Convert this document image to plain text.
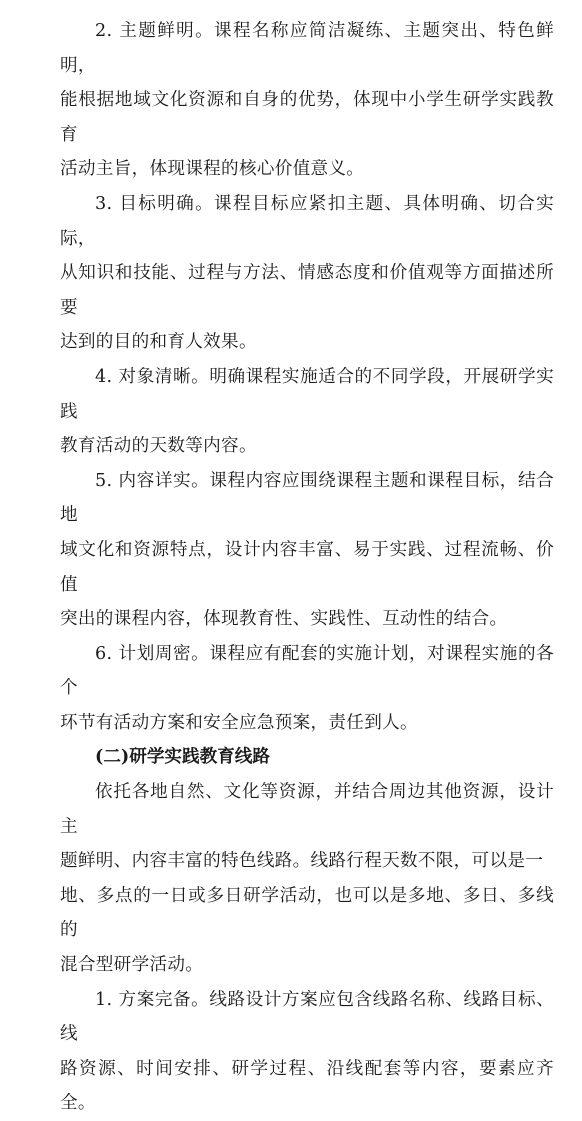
2. 主题鲜明。课程名称应简洁凝练、主题突出、特色鲜明，
能根据地域文化资源和自身的优势，体现中小学生研学实践教育
活动主旨，体现课程的核心价值意义。

3. 目标明确。课程目标应紧扣主题、具体明确、切合实际，
从知识和技能、过程与方法、情感态度和价值观等方面描述所要
达到的目的和育人效果。

4. 对象清晰。明确课程实施适合的不同学段，开展研学实践
教育活动的天数等内容。

5. 内容详实。课程内容应围绕课程主题和课程目标，结合地
域文化和资源特点，设计内容丰富、易于实践、过程流畅、价值
突出的课程内容，体现教育性、实践性、互动性的结合。

6. 计划周密。课程应有配套的实施计划，对课程实施的各个
环节有活动方案和安全应急预案，责任到人。

(二)研学实践教育线路

依托各地自然、文化等资源，并结合周边其他资源，设计主
题鲜明、内容丰富的特色线路。线路行程天数不限，可以是一
地、多点的一日或多日研学活动，也可以是多地、多日、多线的
混合型研学活动。

1. 方案完备。线路设计方案应包含线路名称、线路目标、线
路资源、时间安排、研学过程、沿线配套等内容，要素应齐全。
